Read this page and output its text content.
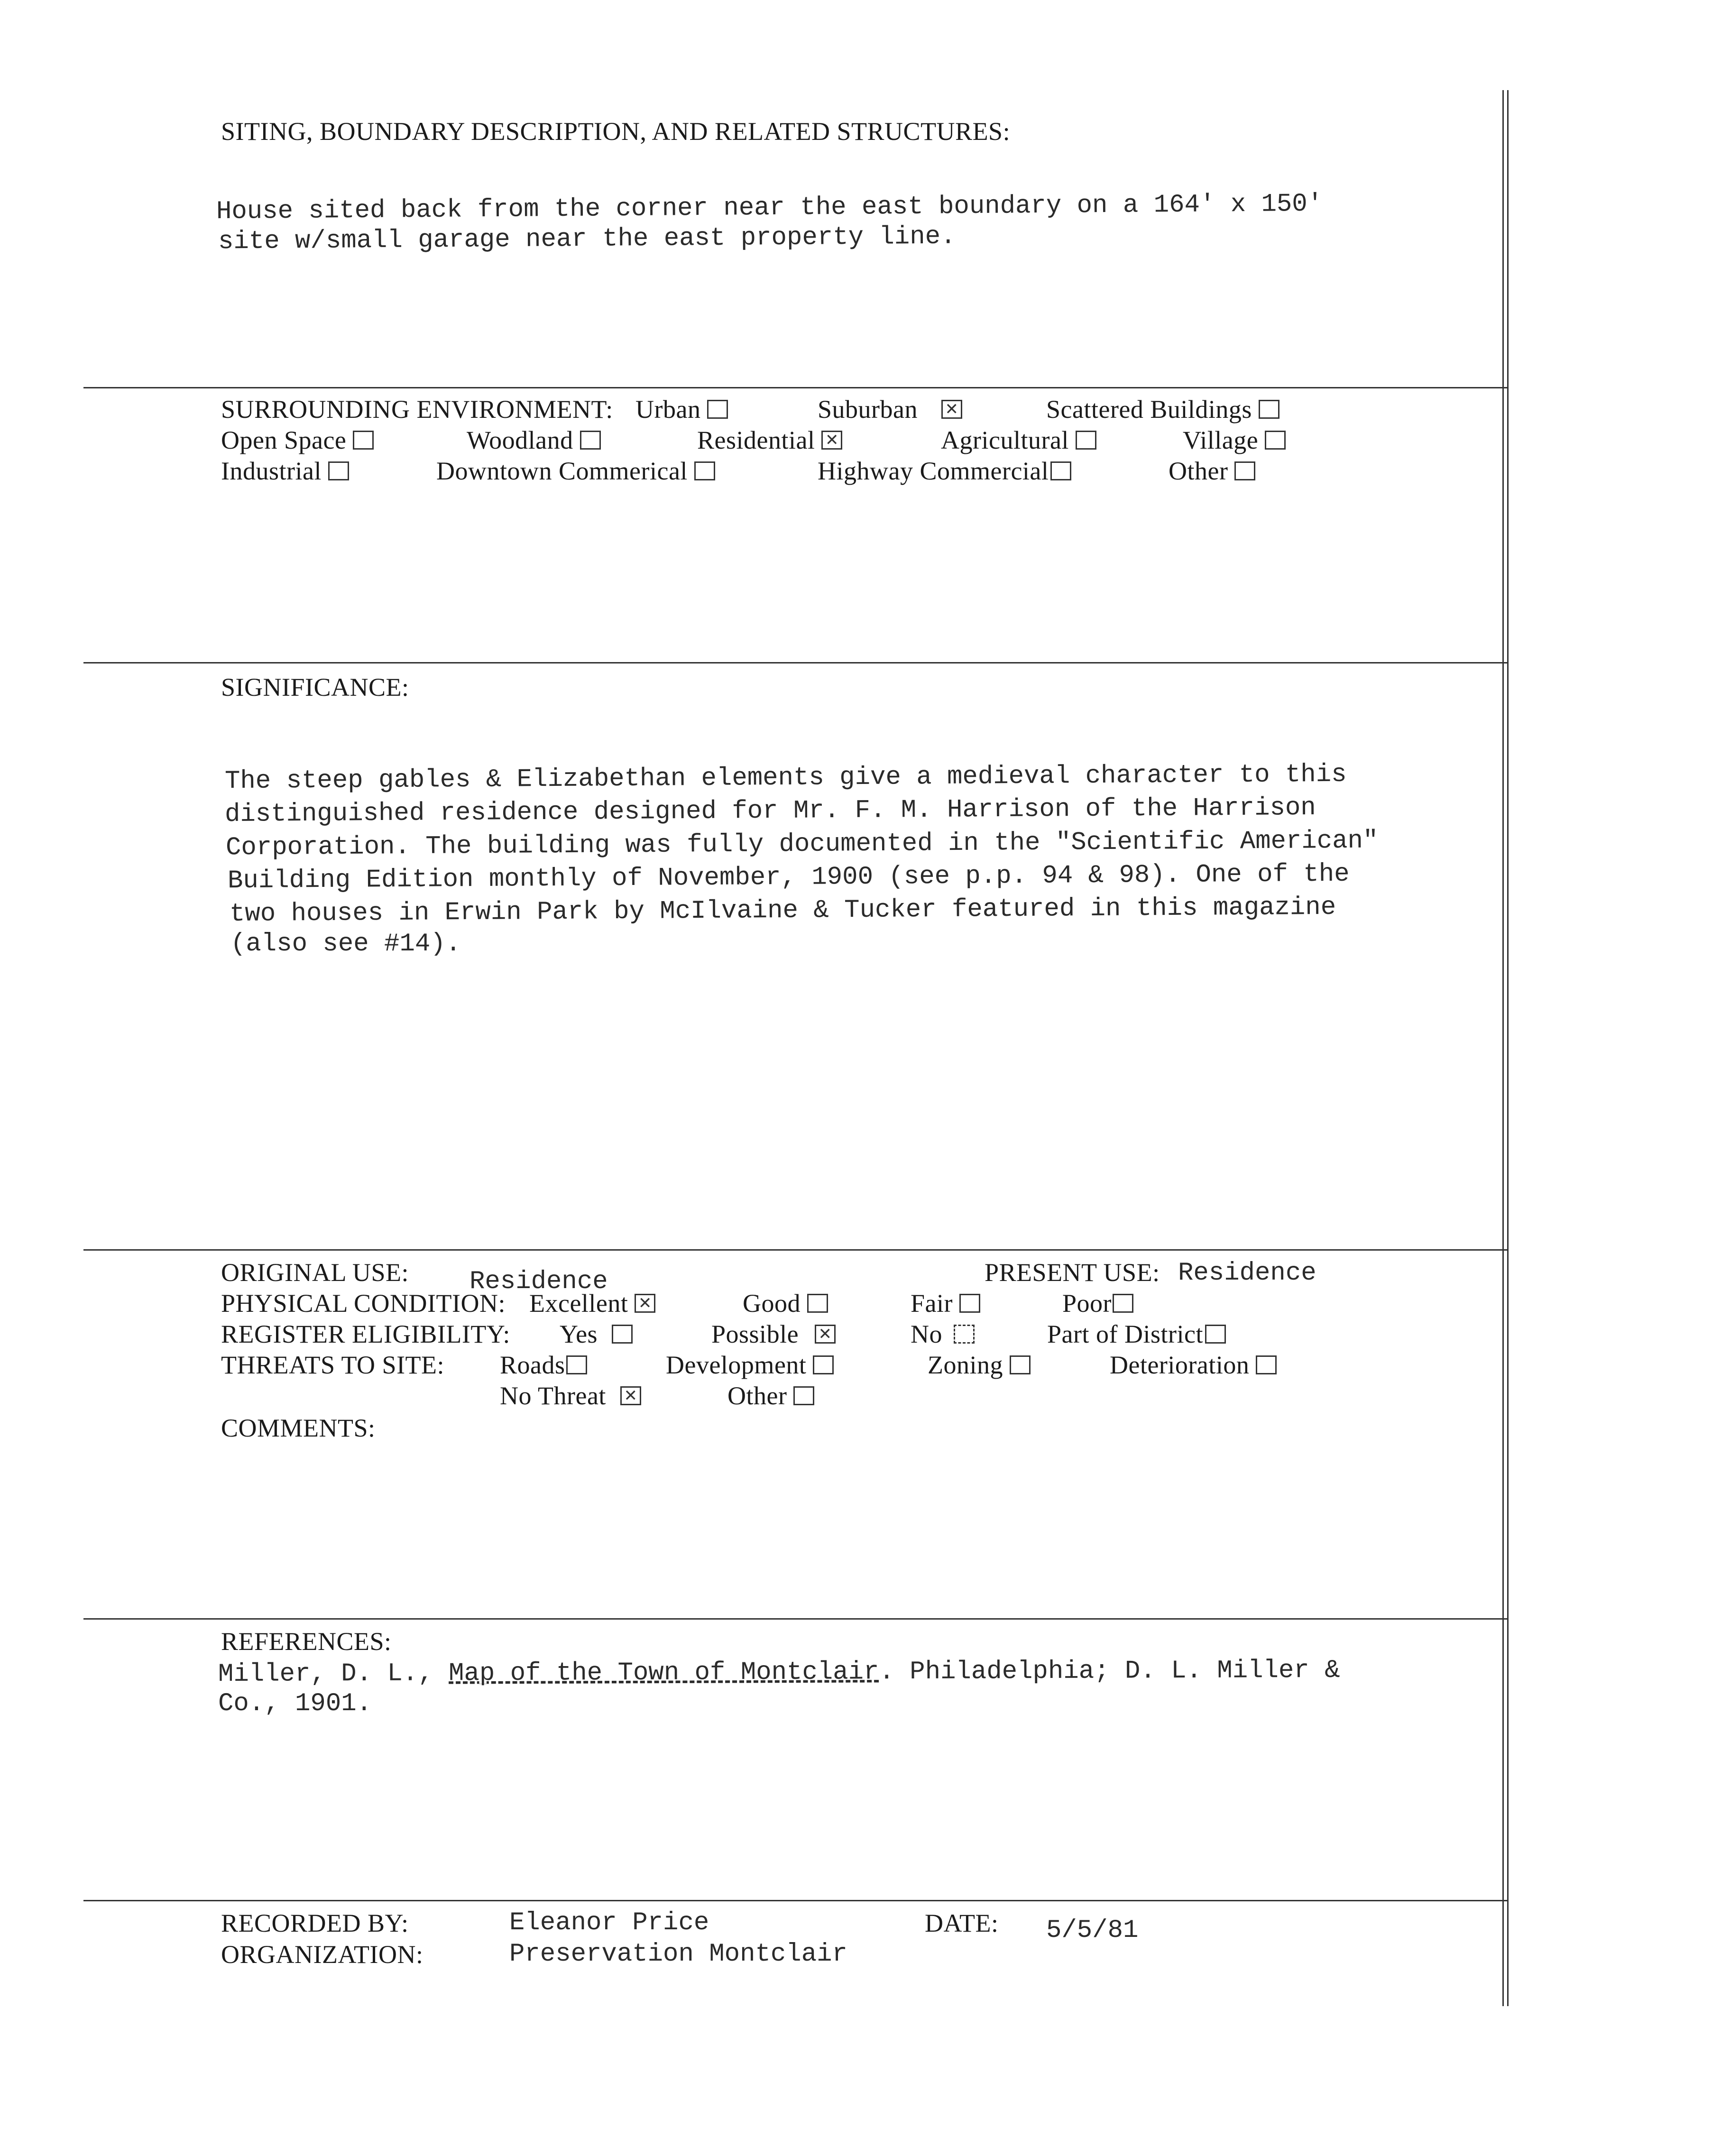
SITING, BOUNDARY DESCRIPTION, AND RELATED STRUCTURES:
House sited back from the corner near the east boundary on a 164' x 150'
site w/small garage near the east property line.
SURROUNDING ENVIRONMENT: Urban	Suburban ✕	Scattered Buildings
Open Space	Woodland	Residential ✕	Agricultural	Village
Industrial	Downtown Commerical	Highway Commercial	Other
SIGNIFICANCE:
The steep gables & Elizabethan elements give a medieval character to this
distinguished residence designed for Mr. F. M. Harrison of the Harrison
Corporation. The building was fully documented in the "Scientific American"
Building Edition monthly of November, 1900 (see p.p. 94 & 98). One of the
two houses in Erwin Park by McIlvaine & Tucker featured in this magazine
(also see #14).
ORIGINAL USE: Residence	PRESENT USE: Residence
PHYSICAL CONDITION: Excellent ✕	Good	Fair	Poor
REGISTER ELIGIBILITY: Yes	Possible ✕	No	Part of District
THREATS TO SITE: Roads	Development	Zoning	Deterioration
No Threat ✕	Other
COMMENTS:
REFERENCES:
Miller, D. L., Map of the Town of Montclair. Philadelphia; D. L. Miller &
Co., 1901.
RECORDED BY:	Eleanor Price
ORGANIZATION:	Preservation Montclair
DATE: 5/5/81
